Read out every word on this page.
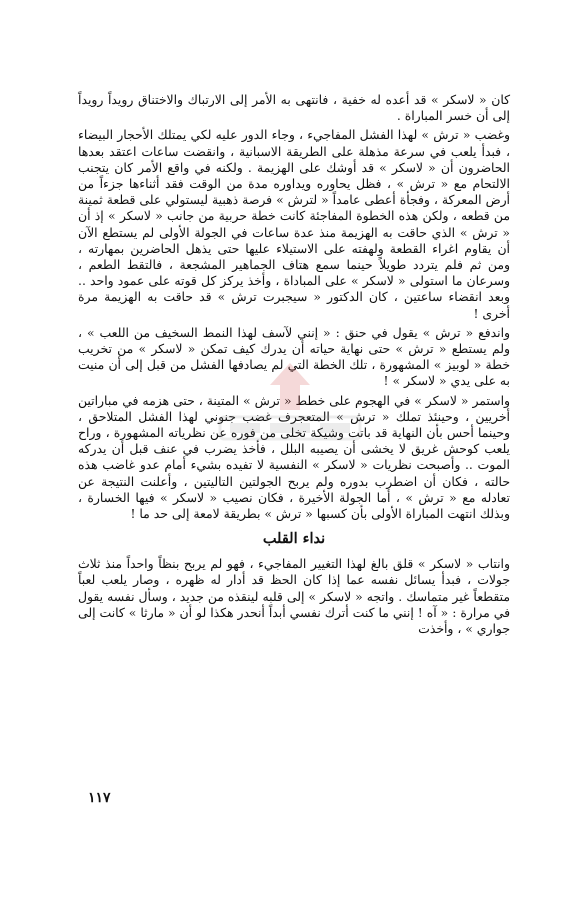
كان « لاسكر » قد أعده له خفية ، فانتهى به الأمر إلى الارتباك والاختناق رويداً رويداً إلى أن خسر المباراة .

وغضب « ترش » لهذا الفشل المفاجيء ، وجاء الدور عليه لكي يمتلك الأحجار البيضاء ، فبدأ يلعب في سرعة مذهلة على الطريقة الاسبانية ، وانقضت ساعات اعتقد بعدها الحاضرون أن « لاسكر » قد أوشك على الهزيمة . ولكنه في واقع الأمر كان يتجنب الالتحام مع « ترش » ، فظل يحاوره ويداوره مدة من الوقت فقد أثناءها جزءاً من أرض المعركة ، وفجأة أعطى عامداً « لترش » فرصة ذهبية ليستولي على قطعة ثمينة من قطعه ، ولكن هذه الخطوة المفاجئة كانت خطة حربية من جانب « لاسكر » إذ أن « ترش » الذي حاقت به الهزيمة منذ عدة ساعات في الجولة الأولى لم يستطع الآن أن يقاوم اغراء القطعة ولهفته على الاستيلاء عليها حتى يذهل الحاضرين بمهارته ، ومن ثم فلم يتردد طويلاً حينما سمع هتاف الجماهير المشجعة ، فالتقط الطعم ، وسرعان ما استولى « لاسكر » على المباداة ، وأخذ يركز كل قوته على عمود واحد .. وبعد انقضاء ساعتين ، كان الدكتور « سيجبرت ترش » قد حاقت به الهزيمة مرة أخرى !

واندفع « ترش » يقول في حنق : « إنني لآسف لهذا النمط السخيف من اللعب » ، ولم يستطع « ترش » حتى نهاية حياته أن يدرك كيف تمكن « لاسكر » من تخريب خطة « لوبيز » المشهورة ، تلك الخطة التي لم يصادفها الفشل من قبل إلى أن منيت به على يدي « لاسكر » !

واستمر « لاسكر » في الهجوم على خطط « ترش » المتينة ، حتى هزمه في مباراتين أخريين ، وحينئذ تملك « ترش » المتعجرف غضب جنوني لهذا الفشل المتلاحق ، وحينما أحس بأن النهاية قد باتت وشيكة تخلى من فوره عن نظرياته المشهورة ، وراح يلعب كوحش غريق لا يخشى أن يصيبه البلل ، فأخذ يضرب في عنف قبل أن يدركه الموت .. وأصبحت نظريات « لاسكر » النفسية لا تفيده بشيء أمام عدو غاضب هذه حالته ، فكان أن اضطرب بدوره ولم يربح الجولتين التاليتين ، وأعلنت النتيجة عن تعادله مع « ترش » ، أما الجولة الأخيرة ، فكان نصيب « لاسكر » فيها الخسارة ، وبذلك انتهت المباراة الأولى بأن كسبها « ترش » بطريقة لامعة إلى حد ما !

نداء القلب

وانتاب « لاسكر » قلق بالغ لهذا التغيير المفاجيء ، فهو لم يربح بنظاً واحداً منذ ثلاث جولات ، فبدأ يسائل نفسه عما إذا كان الحظ قد أدار له ظهره ، وصار يلعب لعباً متقطعاً غير متماسك . واتجه « لاسكر » إلى قلبه لينقذه من جديد ، وسأل نفسه يقول في مرارة : « آه ! إنني ما كنت أترك نفسي أبداً أنحدر هكذا لو أن « مارثا » كانت إلى جواري » ، وأخذت

١١٧
